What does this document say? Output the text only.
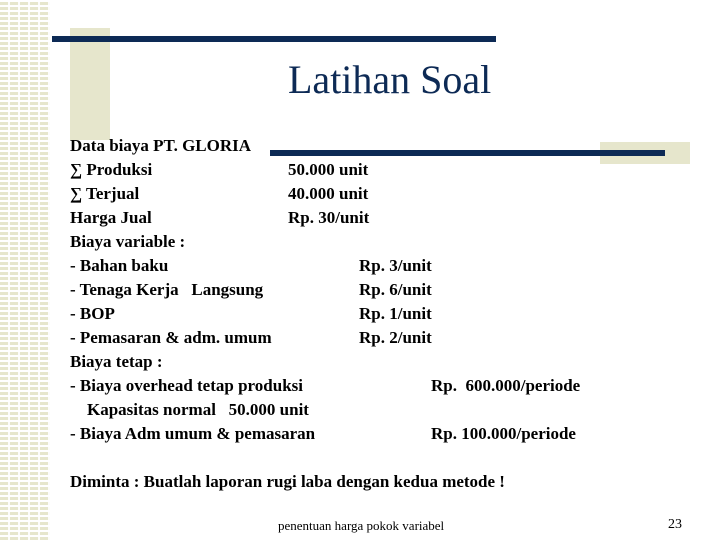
Latihan Soal
Data biaya PT. GLORIA
∑ Produksi	50.000 unit
∑ Terjual	40.000 unit
Harga Jual	Rp. 30/unit
Biaya variable :
- Bahan baku	Rp. 3/unit
- Tenaga Kerja   Langsung	Rp. 6/unit
- BOP	Rp. 1/unit
- Pemasaran & adm. umum	Rp. 2/unit
Biaya tetap :
- Biaya overhead tetap produksi	Rp.  600.000/periode
Kapasitas normal   50.000 unit
- Biaya Adm umum & pemasaran	Rp. 100.000/periode
Diminta : Buatlah laporan rugi laba dengan kedua metode !
penentuan harga pokok variabel	23
